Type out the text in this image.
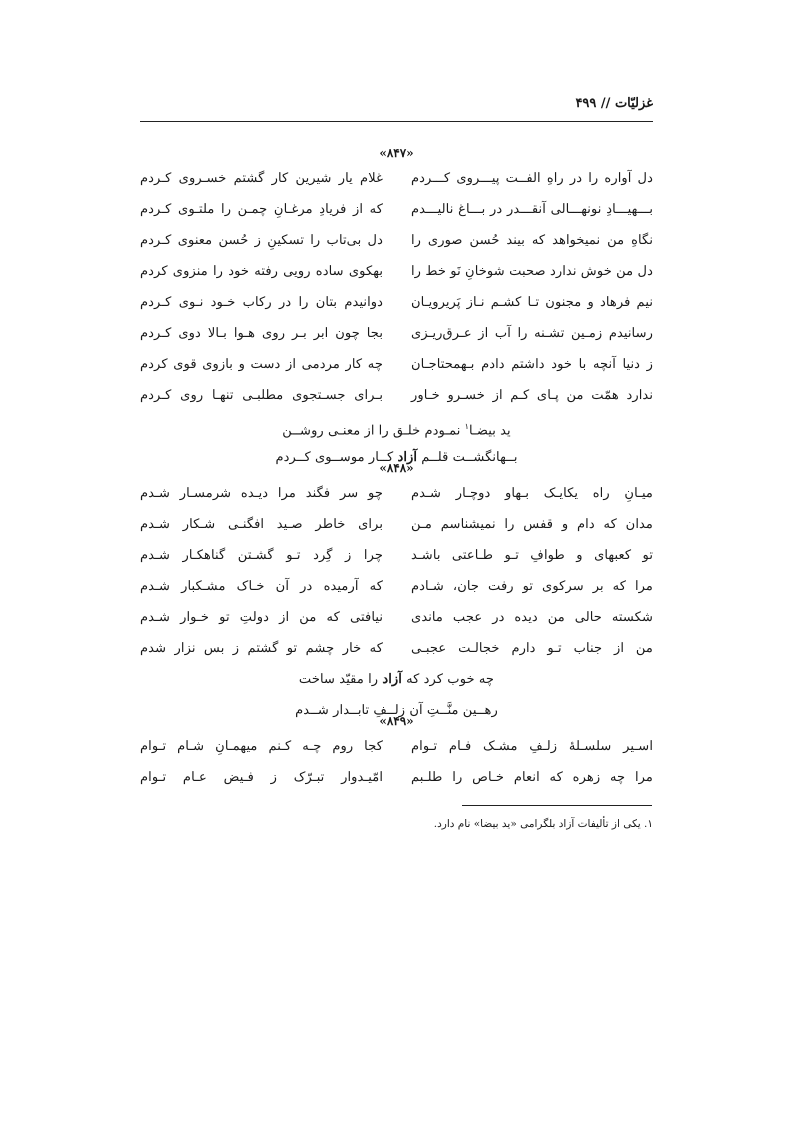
غزلیّات // ۴۹۹
«۸۴۷»
دل آواره را در راهِ الفــت پیـــروی کـــردم
غلام یار شیرین کار گشتم خسـروی کـردم
بـــهیـــادِ نونهـــالی آنقـــدر در بـــاغ نالیـــدم
که از فریادِ مرغـانِ چمـن را ملتـوی کـردم
نگاهِ من نمیخواهد که بیند حُسن صوری را
دل بی‌تاب را تسکینِ ز حُسن معنوی کـردم
دل من خوش ندارد صحبت شوخانِ نَو خط را
بهکوی ساده رویی رفته خود را منزوی کردم
نیم فرهاد و مجنون تـا کشـم نـاز پَریرویـان
دوانیدم بتان را در رکاب خـود نـوی کـردم
رسانیدم زمـین تشـنه را آب از عـرق‌ریـزی
بجا چون ابر بـر روی هـوا بـالا دوی کـردم
ز دنیا آنچه با خود داشتم دادم بـهمحتاجـان
چه کار مردمی از دست و بازوی قوی کردم
ندارد همّت من پـای کـم از خسـرو خـاور
بـرای جسـتجوی مطلبـی تنهـا روی کـردم
ید بیضـا$^۱$ نمـودم خلـق را از معنـی روشــن
بــهانگشــت قلــم آزاد کــار موســوی کــردم
«۸۴۸»
میـانِ راه یکایـک بـهاو دوچـار شـدم
چو سر فگند مرا دیـده شرمسـار شـدم
مدان که دام و قفس را نمیشناسم مـن
برای خاطر صـید افگنـی شـکار شـدم
تو کعبهای و طوافِ تـو طـاعتی باشـد
چرا ز گِرد تـو گشـتن گناهکـار شـدم
مرا که بر سرکوی تو رفت جان، شـادم
که آرمیده در آن خـاک مشـکبار شـدم
شکسته حالی من دیده در عجب ماندی
نیافتی که من از دولتِ تو خـوار شـدم
من از جناب تـو دارم خجالـت عجبـی
که خار چشم تو گشتم ز بس نزار شدم
چه خوب کرد که آزاد را مقیّد ساخت
رهــین منَّــتِ آن زلــفِ تابــدار شــدم
«۸۴۹»
اسـیر سلسـلهٔ زلـفِ مشـک فـام تـوام
کجا روم چـه کـنم میهمـانِ شـام تـوام
مرا چه زهره که انعام خـاص را طلـبم
امّیـدوار تبـرّک ز فـیض عـام تـوام
۱. یکی از تألیفات آزاد بلگرامی «ید بیضا» نام دارد.
